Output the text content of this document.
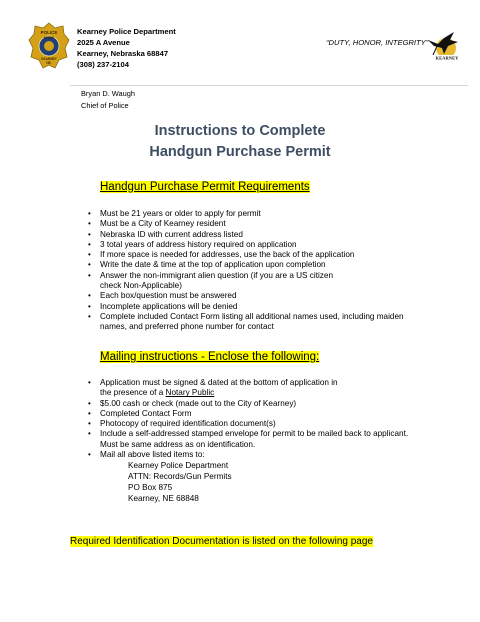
POLICE
CHIEF
KEARNEY
NE.
Kearney Police Department
2025 A Avenue
Kearney, Nebraska 68847
(308) 237-2104
“DUTY, HONOR, INTEGRITY”
KEARNEY
Bryan D. Waugh
Chief of Police
Instructions to Complete
Handgun Purchase Permit
Handgun Purchase Permit Requirements
• Must be 21 years or older to apply for permit
• Must be a City of Kearney resident
• Nebraska ID with current address listed
• 3 total years of address history required on application
• If more space is needed for addresses, use the back of the application
• Write the date & time at the top of application upon completion
• Answer the non-immigrant alien question (if you are a US citizen check Non-Applicable)
• Each box/question must be answered
• Incomplete applications will be denied
• Complete included Contact Form listing all additional names used, including maiden names, and preferred phone number for contact
Mailing instructions - Enclose the following:
• Application must be signed & dated at the bottom of application in
the presence of a Notary Public
• $5.00 cash or check (made out to the City of Kearney)
• Completed Contact Form
• Photocopy of required identification document(s)
• Include a self-addressed stamped envelope for permit to be mailed back to applicant. Must be same address as on identification.
• Mail all above listed items to:
Kearney Police Department
ATTN: Records/Gun Permits
PO Box 875
Kearney, NE 68848
Required Identification Documentation is listed on the following page
